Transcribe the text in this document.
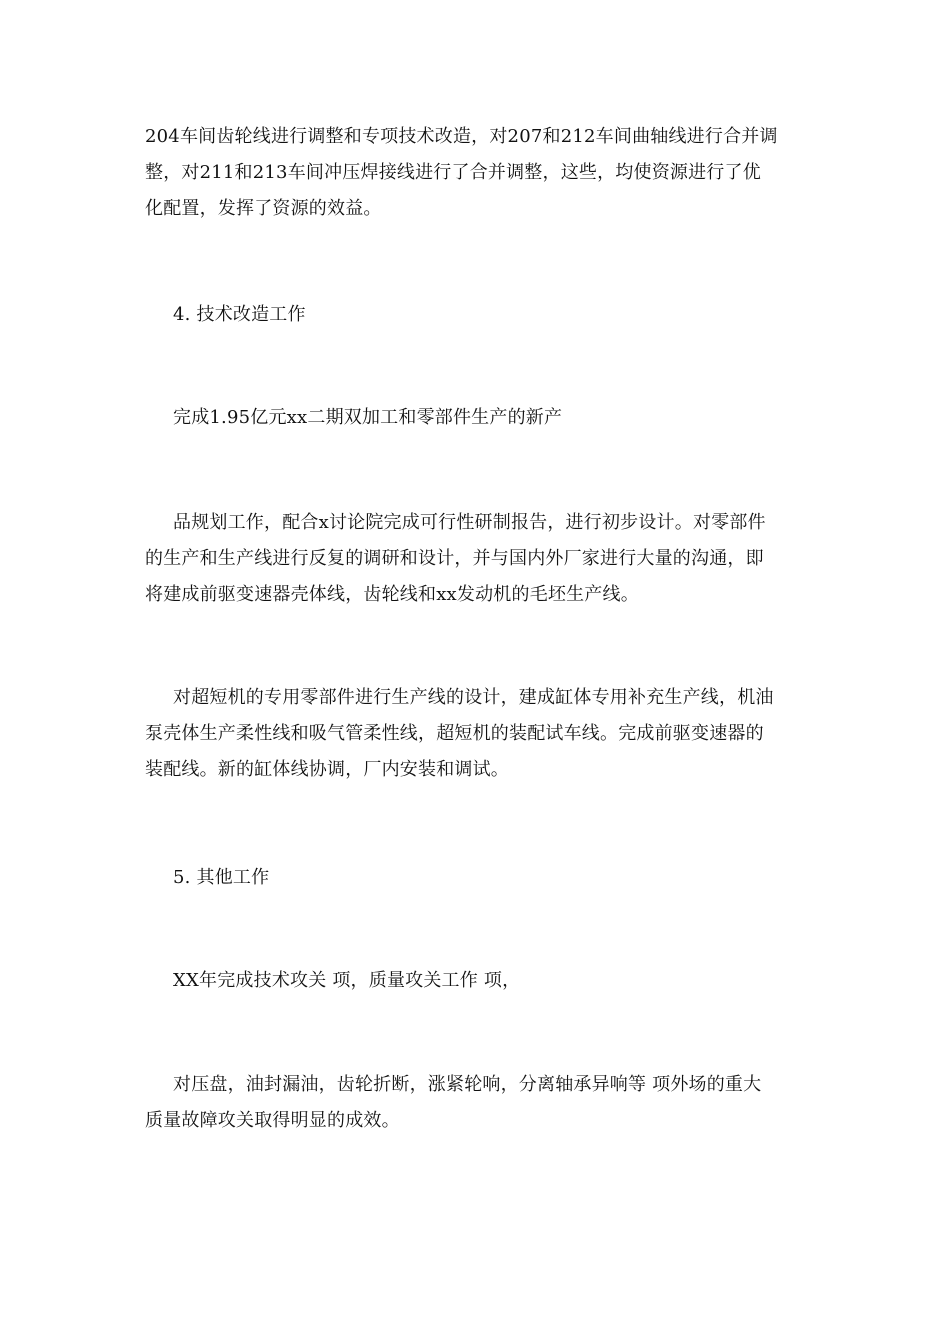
204车间齿轮线进行调整和专项技术改造，对207和212车间曲轴线进行合并调
整，对211和213车间冲压焊接线进行了合并调整，这些，均使资源进行了优
化配置，发挥了资源的效益。
4. 技术改造工作
完成1.95亿元xx二期双加工和零部件生产的新产
品规划工作，配合x讨论院完成可行性研制报告，进行初步设计。对零部件
的生产和生产线进行反复的调研和设计，并与国内外厂家进行大量的沟通，即
将建成前驱变速器壳体线，齿轮线和xx发动机的毛坯生产线。
对超短机的专用零部件进行生产线的设计，建成缸体专用补充生产线，机油
泵壳体生产柔性线和吸气管柔性线，超短机的装配试车线。完成前驱变速器的
装配线。新的缸体线协调，厂内安装和调试。
5. 其他工作
XX年完成技术攻关 项，质量攻关工作 项，
对压盘，油封漏油，齿轮折断，涨紧轮响，分离轴承异响等 项外场的重大
质量故障攻关取得明显的成效。
